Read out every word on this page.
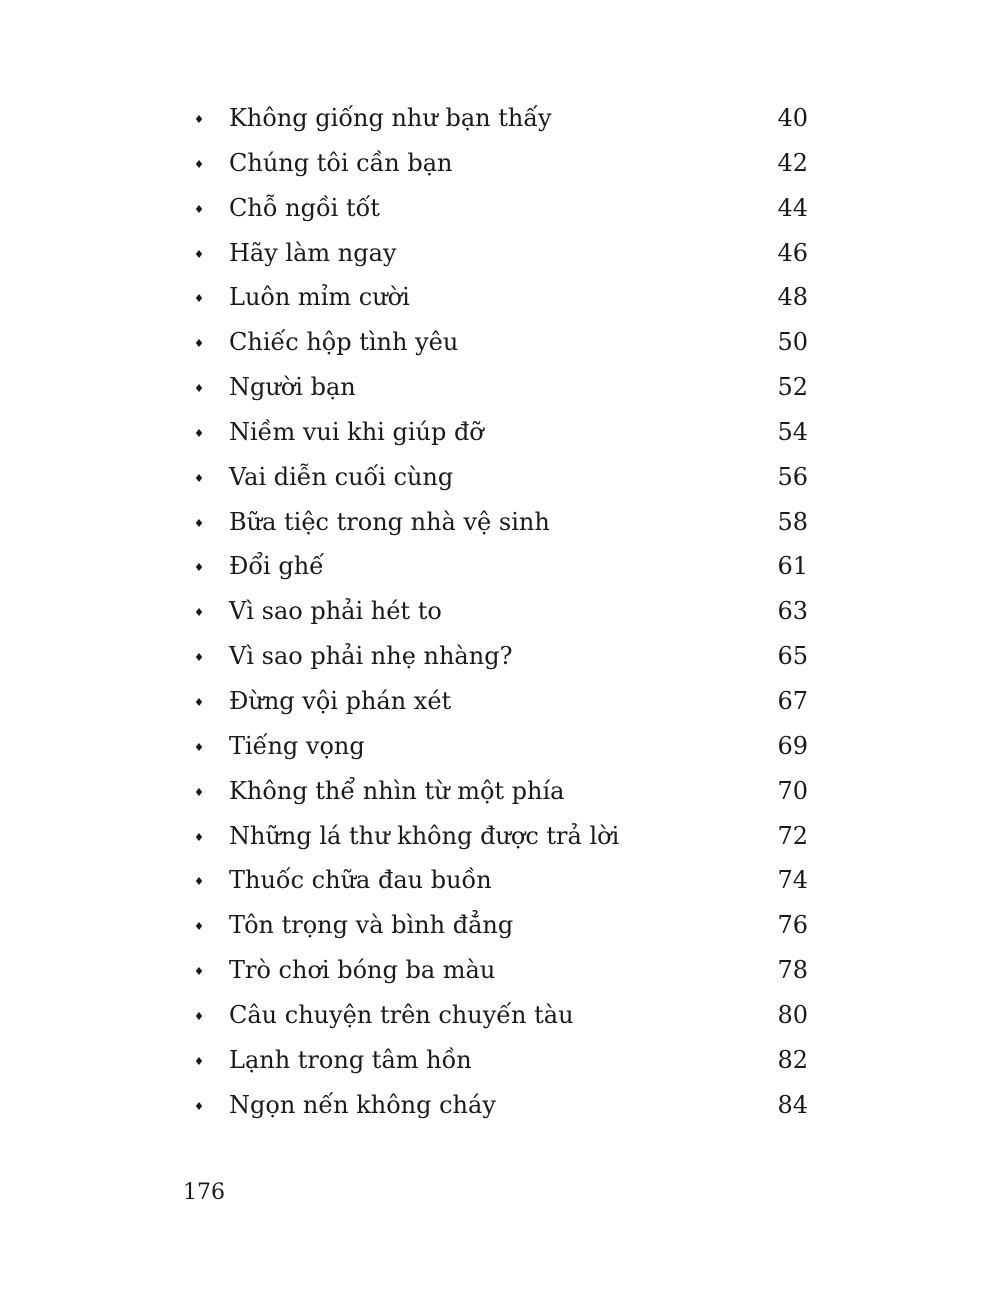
Không giống như bạn thấy	40
Chúng tôi cần bạn	42
Chỗ ngồi tốt	44
Hãy làm ngay	46
Luôn mỉm cười	48
Chiếc hộp tình yêu	50
Người bạn	52
Niềm vui khi giúp đỡ	54
Vai diễn cuối cùng	56
Bữa tiệc trong nhà vệ sinh	58
Đổi ghế	61
Vì sao phải hét to	63
Vì sao phải nhẹ nhàng?	65
Đừng vội phán xét	67
Tiếng vọng	69
Không thể nhìn từ một phía	70
Những lá thư không được trả lời	72
Thuốc chữa đau buồn	74
Tôn trọng và bình đẳng	76
Trò chơi bóng ba màu	78
Câu chuyện trên chuyến tàu	80
Lạnh trong tâm hồn	82
Ngọn nến không cháy	84
176
